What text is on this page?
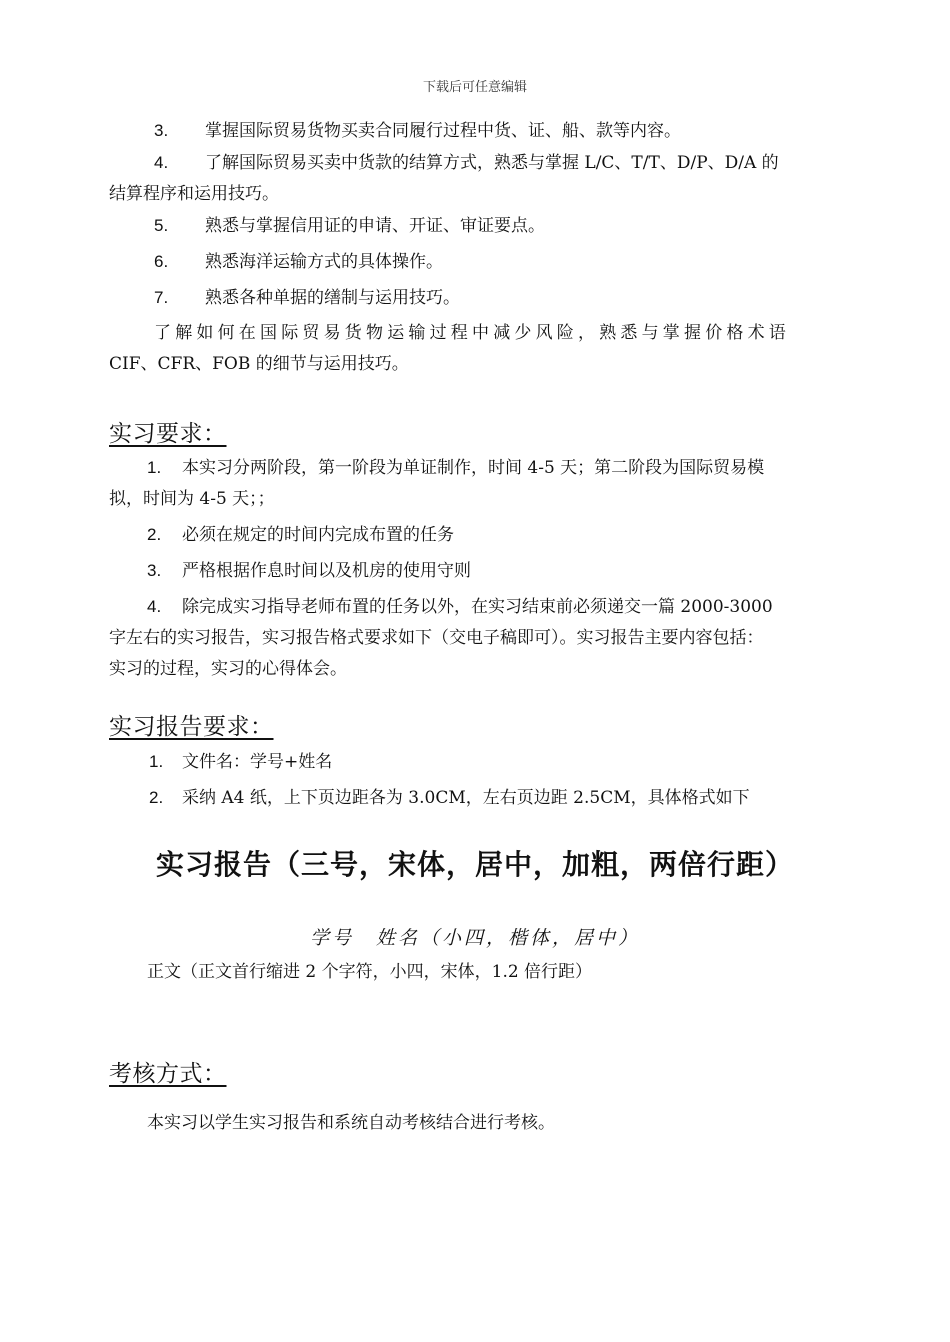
下载后可任意编辑
3. 掌握国际贸易货物买卖合同履行过程中货、证、船、款等内容。
4. 了解国际贸易买卖中货款的结算方式，熟悉与掌握 L/C、T/T、D/P、D/A 的
结算程序和运用技巧。
5. 熟悉与掌握信用证的申请、开证、审证要点。
6. 熟悉海洋运输方式的具体操作。
7. 熟悉各种单据的缮制与运用技巧。
了解如何在国际贸易货物运输过程中减少风险，熟悉与掌握价格术语
CIF、CFR、FOB 的细节与运用技巧。
实习要求：
1. 本实习分两阶段，第一阶段为单证制作，时间 4-5 天；第二阶段为国际贸易模
拟，时间为 4-5 天；；
2. 必须在规定的时间内完成布置的任务
3. 严格根据作息时间以及机房的使用守则
4. 除完成实习指导老师布置的任务以外，在实习结束前必须递交一篇 2000-3000
字左右的实习报告，实习报告格式要求如下（交电子稿即可）。实习报告主要内容包括：
实习的过程，实习的心得体会。
实习报告要求：
1. 文件名：学号+姓名
2. 采纳 A4 纸，上下页边距各为 3.0CM，左右页边距 2.5CM，具体格式如下
实习报告（三号，宋体，居中，加粗，两倍行距）
学号　姓名（小四，楷体，居中）
正文（正文首行缩进 2 个字符，小四，宋体，1.2 倍行距）
考核方式：
本实习以学生实习报告和系统自动考核结合进行考核。
